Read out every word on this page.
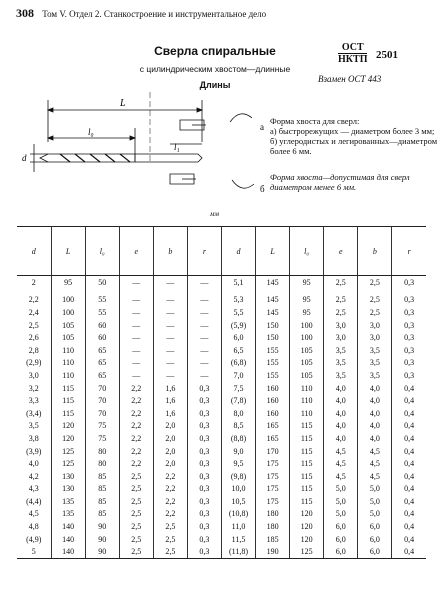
308 Том V. Отдел 2. Станкостроение и инструментальное дело
Сверла спиральные
с цилиндрическим хвостом—длинные
Длины
ОСТ
НКТП 2501
Взамен ОСТ 443
L
l₀
l₁
d
а
б
Форма хвоста для сверл:
а) быстрорежущих — диаметром более 3 мм;
б) углеродистых и легированных—диаметром более 6 мм.
Форма хвоста—допустимая для сверл диаметром менее 6 мм.
мм
d	L	l₀	e	b	r	d	L	l₀	e	b	r
2	95	50	—	—	—	5,1	145	95	2,5	2,5	0,3
2,2	100	55	—	—	—	5,3	145	95	2,5	2,5	0,3
2,4	100	55	—	—	—	5,5	145	95	2,5	2,5	0,3
2,5	105	60	—	—	—	(5,9)	150	100	3,0	3,0	0,3
2,6	105	60	—	—	—	6,0	150	100	3,0	3,0	0,3
2,8	110	65	—	—	—	6,5	155	105	3,5	3,5	0,3
(2,9)	110	65	—	—	—	(6,8)	155	105	3,5	3,5	0,3
3,0	110	65	—	—	—	7,0	155	105	3,5	3,5	0,3
3,2	115	70	2,2	1,6	0,3	7,5	160	110	4,0	4,0	0,4
3,3	115	70	2,2	1,6	0,3	(7,8)	160	110	4,0	4,0	0,4
(3,4)	115	70	2,2	1,6	0,3	8,0	160	110	4,0	4,0	0,4
3,5	120	75	2,2	2,0	0,3	8,5	165	115	4,0	4,0	0,4
3,8	120	75	2,2	2,0	0,3	(8,8)	165	115	4,0	4,0	0,4
(3,9)	125	80	2,2	2,0	0,3	9,0	170	115	4,5	4,5	0,4
4,0	125	80	2,2	2,0	0,3	9,5	175	115	4,5	4,5	0,4
4,2	130	85	2,5	2,2	0,3	(9,8)	175	115	4,5	4,5	0,4
4,3	130	85	2,5	2,2	0,3	10,0	175	115	5,0	5,0	0,4
(4,4)	135	85	2,5	2,2	0,3	10,5	175	115	5,0	5,0	0,4
4,5	135	85	2,5	2,2	0,3	(10,8)	180	120	5,0	5,0	0,4
4,8	140	90	2,5	2,5	0,3	11,0	180	120	6,0	6,0	0,4
(4,9)	140	90	2,5	2,5	0,3	11,5	185	120	6,0	6,0	0,4
5	140	90	2,5	2,5	0,3	(11,8)	190	125	6,0	6,0	0,4
